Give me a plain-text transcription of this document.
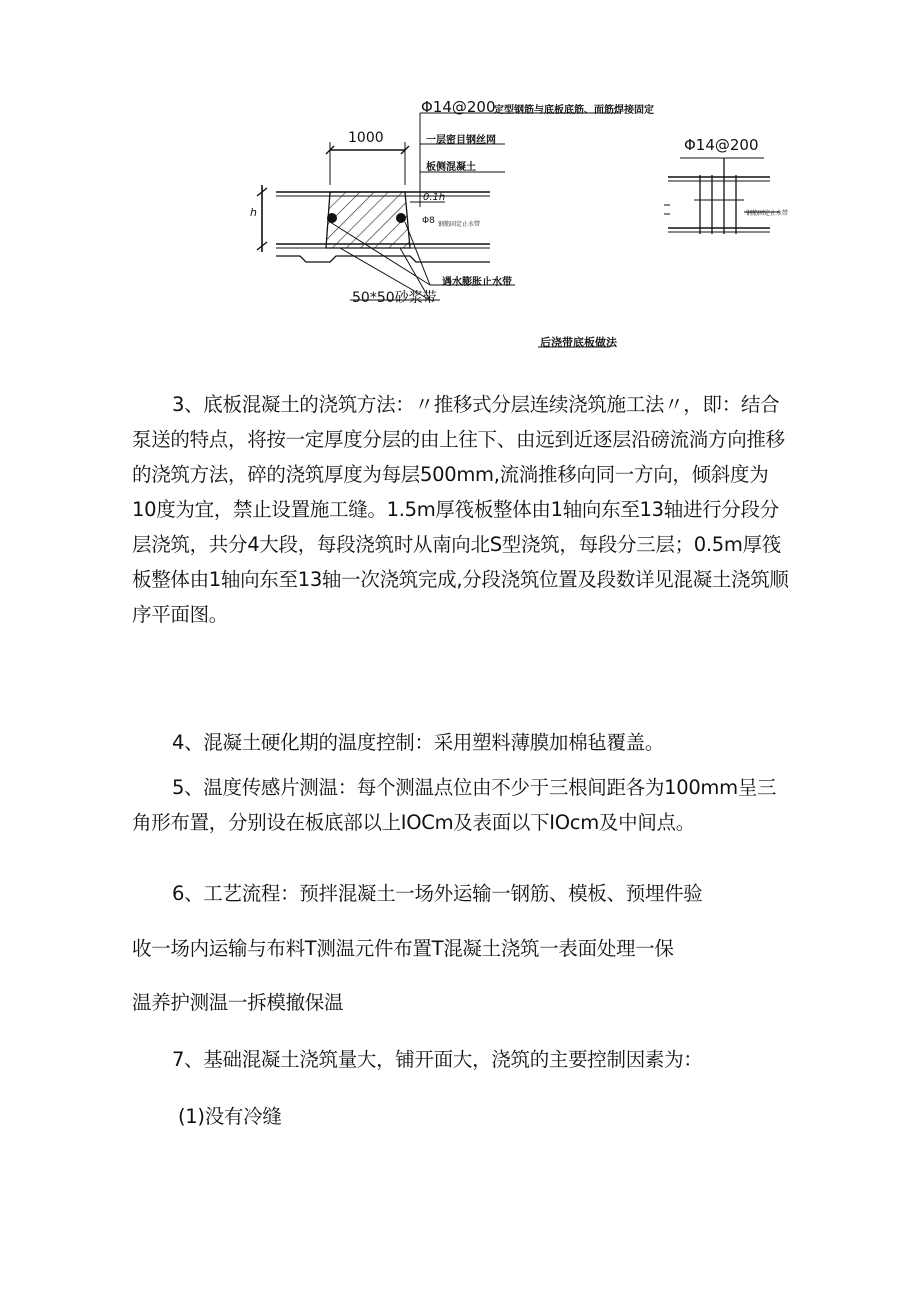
Φ14@200
定型钢筋与底板底筋、面筋焊接固定
一层密目钢丝网
板侧混凝土
1000
h
0.1h
Φ8 钢筋固定止水带
遇水膨胀止水带
50*50砂浆带
Φ14@200
钢筋固定止水带
后浇带底板做法

3、底板混凝土的浇筑方法：〃推移式分层连续浇筑施工法〃，即：结合泵送的特点，将按一定厚度分层的由上往下、由远到近逐层沿磅流淌方向推移的浇筑方法，碎的浇筑厚度为每层500mm,流淌推移向同一方向，倾斜度为10度为宜，禁止设置施工缝。1.5m厚筏板整体由1轴向东至13轴进行分段分层浇筑，共分4大段，每段浇筑时从南向北S型浇筑，每段分三层；0.5m厚筏板整体由1轴向东至13轴一次浇筑完成,分段浇筑位置及段数详见混凝土浇筑顺序平面图。

4、混凝土硬化期的温度控制：采用塑料薄膜加棉毡覆盖。

5、温度传感片测温：每个测温点位由不少于三根间距各为100mm呈三角形布置，分别设在板底部以上IOCm及表面以下IOcm及中间点。

6、工艺流程：预拌混凝土一场外运输一钢筋、模板、预埋件验

收一场内运输与布料T测温元件布置T混凝土浇筑一表面处理一保

温养护测温一拆模撤保温

7、基础混凝土浇筑量大，铺开面大，浇筑的主要控制因素为：

(1)没有冷缝
